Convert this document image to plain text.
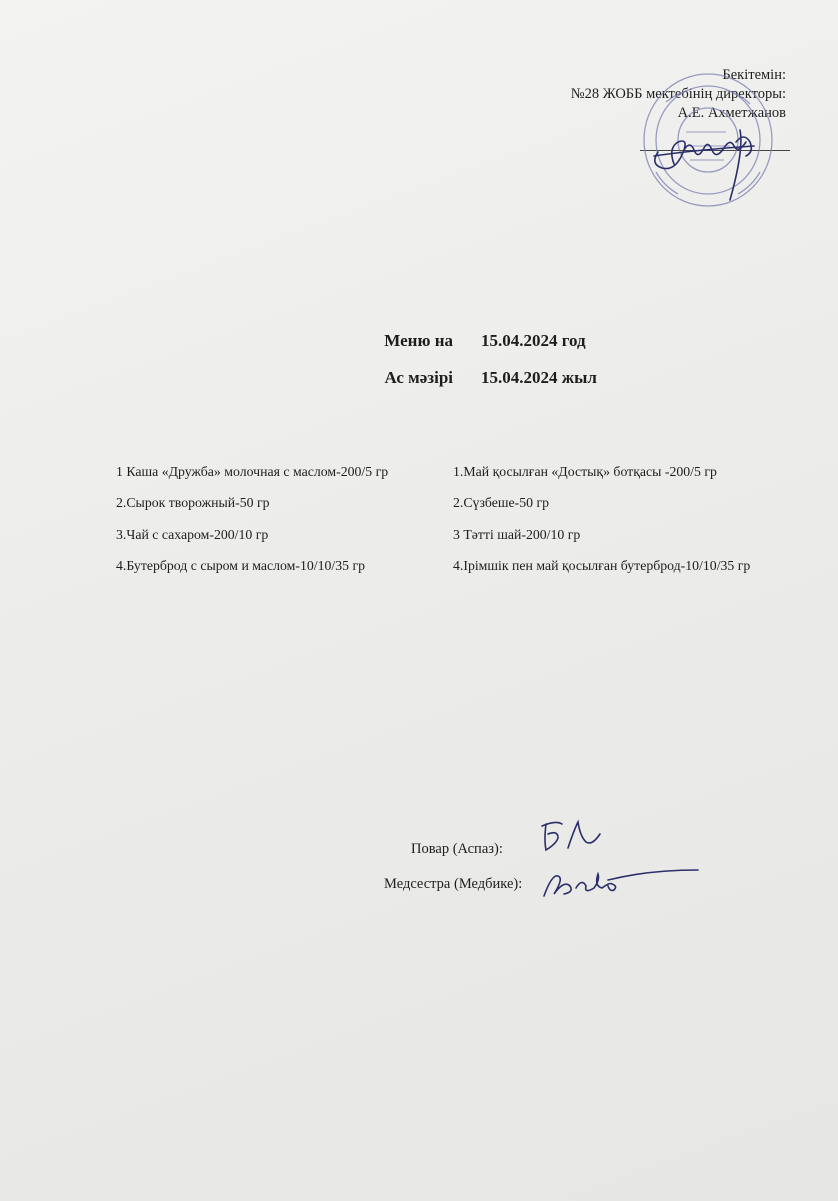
Бекітемін:
№28 ЖОББ мектебінің директоры:
А.Е. Ахметжанов
Меню на 15.04.2024 год
Ас мәзірі 15.04.2024 жыл
1 Каша «Дружба» молочная с маслом-200/5 гр	1.Май қосылған «Достық» ботқасы -200/5 гр
2.Сырок творожный-50 гр	2.Сүзбеше-50 гр
3.Чай с сахаром-200/10 гр	3 Тәтті шай-200/10 гр
4.Бутерброд с сыром и маслом-10/10/35 гр	4.Ірімшік пен май қосылған бутерброд-10/10/35 гр
Повар (Аспаз):
Медсестра (Медбике):
